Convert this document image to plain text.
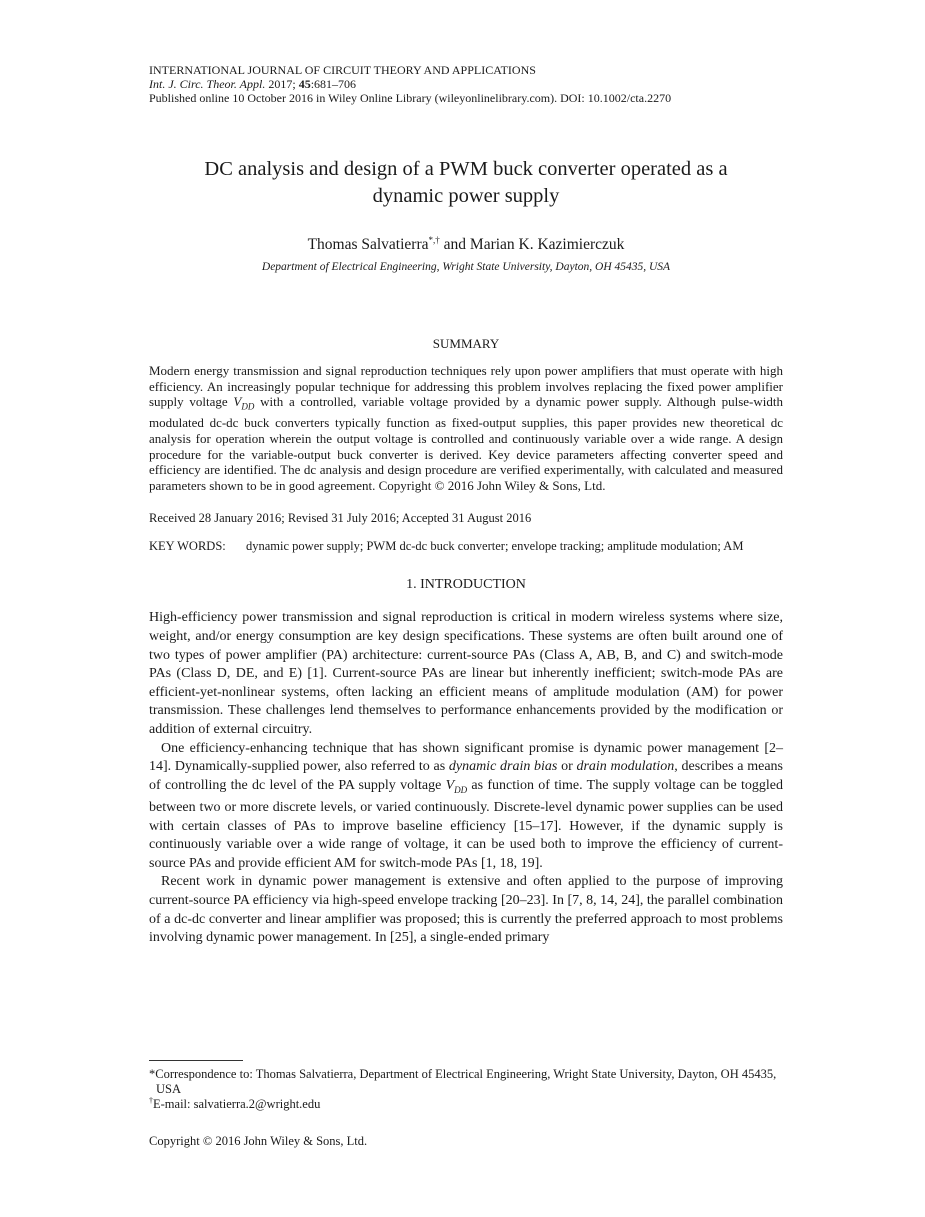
INTERNATIONAL JOURNAL OF CIRCUIT THEORY AND APPLICATIONS
Int. J. Circ. Theor. Appl. 2017; 45:681–706
Published online 10 October 2016 in Wiley Online Library (wileyonlinelibrary.com). DOI: 10.1002/cta.2270
DC analysis and design of a PWM buck converter operated as a
dynamic power supply
Thomas Salvatierra*,† and Marian K. Kazimierczuk
Department of Electrical Engineering, Wright State University, Dayton, OH 45435, USA
SUMMARY
Modern energy transmission and signal reproduction techniques rely upon power amplifiers that must operate with high efficiency. An increasingly popular technique for addressing this problem involves replacing the fixed power amplifier supply voltage $V_{DD}$ with a controlled, variable voltage provided by a dynamic power supply. Although pulse-width modulated dc-dc buck converters typically function as fixed-output supplies, this paper provides new theoretical dc analysis for operation wherein the output voltage is controlled and continuously variable over a wide range. A design procedure for the variable-output buck converter is derived. Key device parameters affecting converter speed and efficiency are identified. The dc analysis and design procedure are verified experimentally, with calculated and measured parameters shown to be in good agreement. Copyright © 2016 John Wiley & Sons, Ltd.
Received 28 January 2016; Revised 31 July 2016; Accepted 31 August 2016
KEY WORDS:	dynamic power supply; PWM dc-dc buck converter; envelope tracking; amplitude modulation; AM
1. INTRODUCTION

High-efficiency power transmission and signal reproduction is critical in modern wireless systems where size, weight, and/or energy consumption are key design specifications. These systems are often built around one of two types of power amplifier (PA) architecture: current-source PAs (Class A, AB, B, and C) and switch-mode PAs (Class D, DE, and E) [1]. Current-source PAs are linear but inherently inefficient; switch-mode PAs are efficient-yet-nonlinear systems, often lacking an efficient means of amplitude modulation (AM) for power transmission. These challenges lend themselves to performance enhancements provided by the modification or addition of external circuitry.

One efficiency-enhancing technique that has shown significant promise is dynamic power management [2–14]. Dynamically-supplied power, also referred to as dynamic drain bias or drain modulation, describes a means of controlling the dc level of the PA supply voltage $V_{DD}$ as function of time. The supply voltage can be toggled between two or more discrete levels, or varied continuously. Discrete-level dynamic power supplies can be used with certain classes of PAs to improve baseline efficiency [15–17]. However, if the dynamic supply is continuously variable over a wide range of voltage, it can be used both to improve the efficiency of current-source PAs and provide efficient AM for switch-mode PAs [1, 18, 19].

Recent work in dynamic power management is extensive and often applied to the purpose of improving current-source PA efficiency via high-speed envelope tracking [20–23]. In [7, 8, 14, 24], the parallel combination of a dc-dc converter and linear amplifier was proposed; this is currently the preferred approach to most problems involving dynamic power management. In [25], a single-ended primary

*Correspondence to: Thomas Salvatierra, Department of Electrical Engineering, Wright State University, Dayton, OH 45435, USA
†E-mail: salvatierra.2@wright.edu
Copyright © 2016 John Wiley & Sons, Ltd.
